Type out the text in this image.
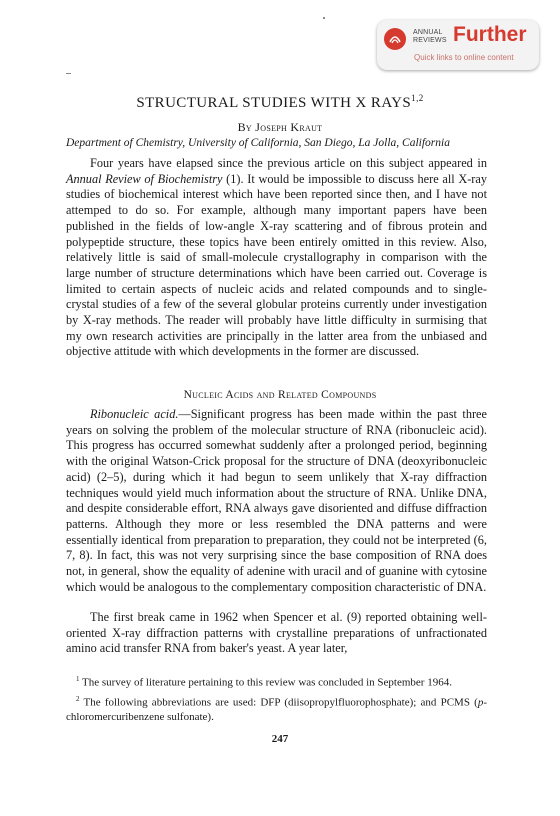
ANNUAL
REVIEWS Further
Quick links to online content
STRUCTURAL STUDIES WITH X RAYS$^{1,2}$
By Joseph Kraut
Department of Chemistry, University of California, San Diego, La Jolla, California

Four years have elapsed since the previous article on this subject appeared in Annual Review of Biochemistry (1). It would be impossible to discuss here all X-ray studies of biochemical interest which have been reported since then, and I have not attemped to do so. For example, although many important papers have been published in the fields of low-angle X-ray scattering and of fibrous protein and polypeptide structure, these topics have been entirely omitted in this review. Also, relatively little is said of small-molecule crystallography in comparison with the large number of structure determinations which have been carried out. Coverage is limited to certain aspects of nucleic acids and related compounds and to single-crystal studies of a few of the several globular proteins currently under investigation by X-ray methods. The reader will probably have little difficulty in surmising that my own research activities are principally in the latter area from the unbiased and objective attitude with which developments in the former are discussed.

Nucleic Acids and Related Compounds

Ribonucleic acid.—Significant progress has been made within the past three years on solving the problem of the molecular structure of RNA (ribonucleic acid). This progress has occurred somewhat suddenly after a prolonged period, beginning with the original Watson-Crick proposal for the structure of DNA (deoxyribonucleic acid) (2–5), during which it had begun to seem unlikely that X-ray diffraction techniques would yield much information about the structure of RNA. Unlike DNA, and despite considerable effort, RNA always gave disoriented and diffuse diffraction patterns. Although they more or less resembled the DNA patterns and were essentially identical from preparation to preparation, they could not be interpreted (6, 7, 8). In fact, this was not very surprising since the base composition of RNA does not, in general, show the equality of adenine with uracil and of guanine with cytosine which would be analogous to the complementary composition characteristic of DNA.

The first break came in 1962 when Spencer et al. (9) reported obtaining well-oriented X-ray diffraction patterns with crystalline preparations of unfractionated amino acid transfer RNA from baker's yeast. A year later,

$^1$ The survey of literature pertaining to this review was concluded in September 1964.

$^2$ The following abbreviations are used: DFP (diisopropylfluorophosphate); and PCMS (p-chloromercuribenzene sulfonate).

247
